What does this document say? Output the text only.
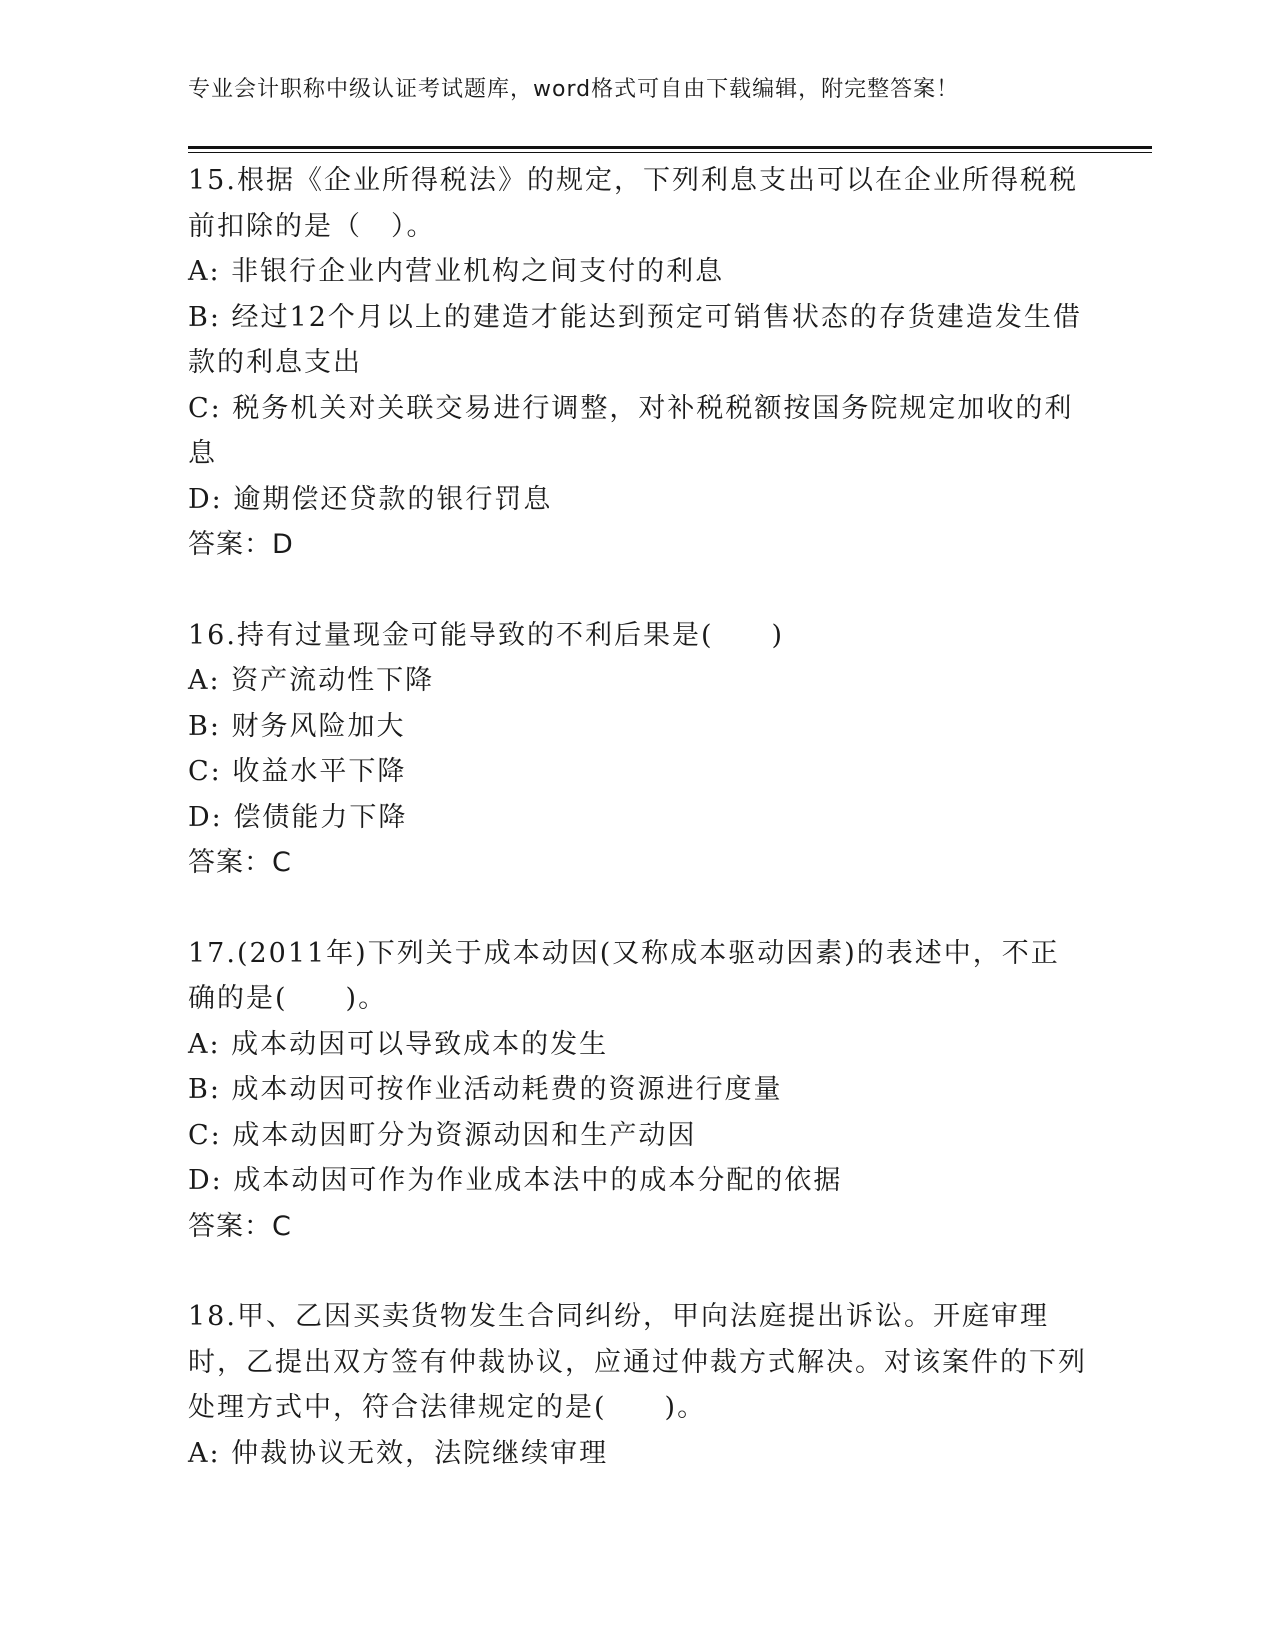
专业会计职称中级认证考试题库，word格式可自由下载编辑，附完整答案！

15.根据《企业所得税法》的规定，下列利息支出可以在企业所得税税前扣除的是（　）。

A: 非银行企业内营业机构之间支付的利息

B: 经过12个月以上的建造才能达到预定可销售状态的存货建造发生借款的利息支出

C: 税务机关对关联交易进行调整，对补税税额按国务院规定加收的利息

D: 逾期偿还贷款的银行罚息

答案：D

16.持有过量现金可能导致的不利后果是(　　)

A: 资产流动性下降

B: 财务风险加大

C: 收益水平下降

D: 偿债能力下降

答案：C

17.(2011年)下列关于成本动因(又称成本驱动因素)的表述中，不正确的是(　　)。

A: 成本动因可以导致成本的发生

B: 成本动因可按作业活动耗费的资源进行度量

C: 成本动因町分为资源动因和生产动因

D: 成本动因可作为作业成本法中的成本分配的依据

答案：C

18.甲、乙因买卖货物发生合同纠纷，甲向法庭提出诉讼。开庭审理时，乙提出双方签有仲裁协议，应通过仲裁方式解决。对该案件的下列处理方式中，符合法律规定的是(　　)。

A: 仲裁协议无效，法院继续审理
